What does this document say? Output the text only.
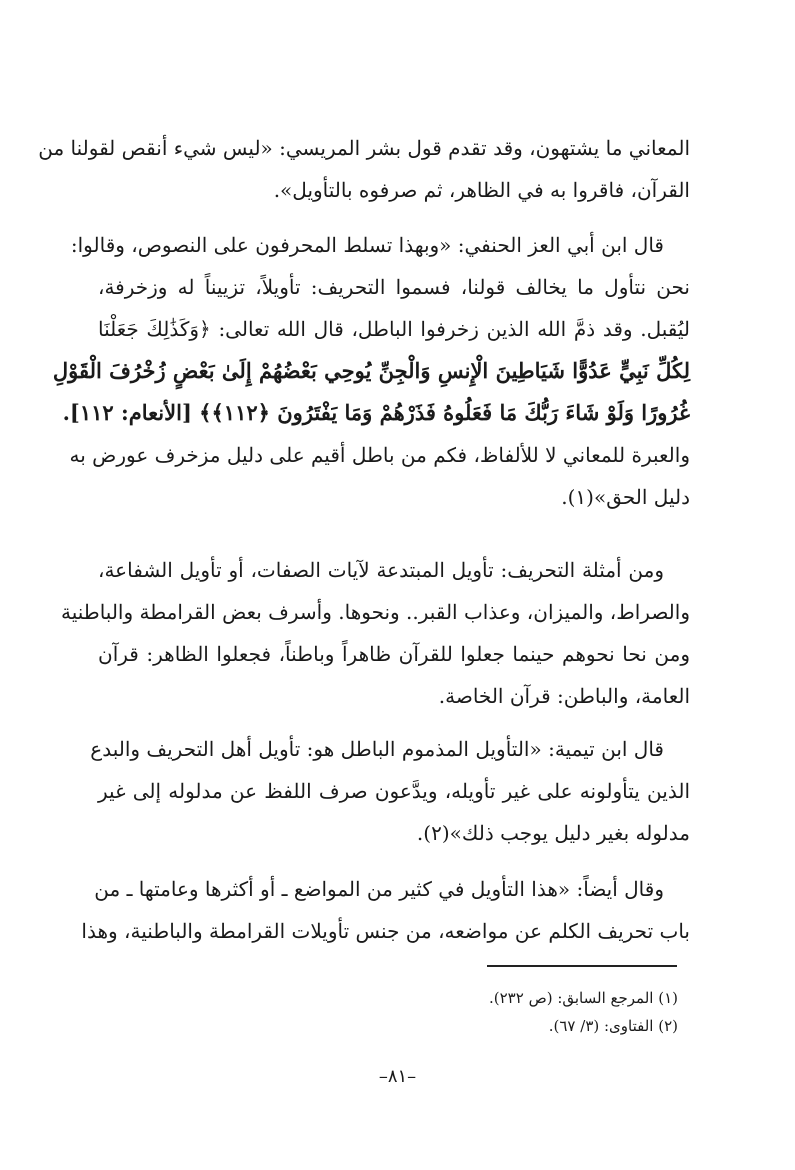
المعاني ما يشتهون، وقد تقدم قول بشر المريسي: «ليس شيء أنقص لقولنا من
القرآن، فاقروا به في الظاهر، ثم صرفوه بالتأويل».
قال ابن أبي العز الحنفي: «وبهذا تسلط المحرفون على النصوص، وقالوا:
نحن نتأول ما يخالف قولنا، فسموا التحريف: تأويلاً، تزييناً له وزخرفة،
ليُقبل. وقد ذمَّ الله الذين زخرفوا الباطل، قال الله تعالى: ﴿وَكَذَٰلِكَ جَعَلْنَا
لِكُلِّ نَبِيٍّ عَدُوًّا شَيَاطِينَ الْإِنسِ وَالْجِنِّ يُوحِي بَعْضُهُمْ إِلَىٰ بَعْضٍ زُخْرُفَ الْقَوْلِ
غُرُورًا وَلَوْ شَاءَ رَبُّكَ مَا فَعَلُوهُ فَذَرْهُمْ وَمَا يَفْتَرُونَ ﴿١١٢﴾﴾ [الأنعام: ١١٢].
والعبرة للمعاني لا للألفاظ، فكم من باطل أقيم على دليل مزخرف عورض به
دليل الحق»(١).
ومن أمثلة التحريف: تأويل المبتدعة لآيات الصفات، أو تأويل الشفاعة،
والصراط، والميزان، وعذاب القبر.. ونحوها. وأسرف بعض القرامطة والباطنية
ومن نحا نحوهم حينما جعلوا للقرآن ظاهراً وباطناً، فجعلوا الظاهر: قرآن
العامة، والباطن: قرآن الخاصة.
قال ابن تيمية: «التأويل المذموم الباطل هو: تأويل أهل التحريف والبدع
الذين يتأولونه على غير تأويله، ويدَّعون صرف اللفظ عن مدلوله إلى غير
مدلوله بغير دليل يوجب ذلك»(٢).
وقال أيضاً: «هذا التأويل في كثير من المواضع ـ أو أكثرها وعامتها ـ من
باب تحريف الكلم عن مواضعه، من جنس تأويلات القرامطة والباطنية، وهذا
(١) المرجع السابق: (ص ٢٣٢).
(٢) الفتاوى: (٣/ ٦٧).
–٨١–
